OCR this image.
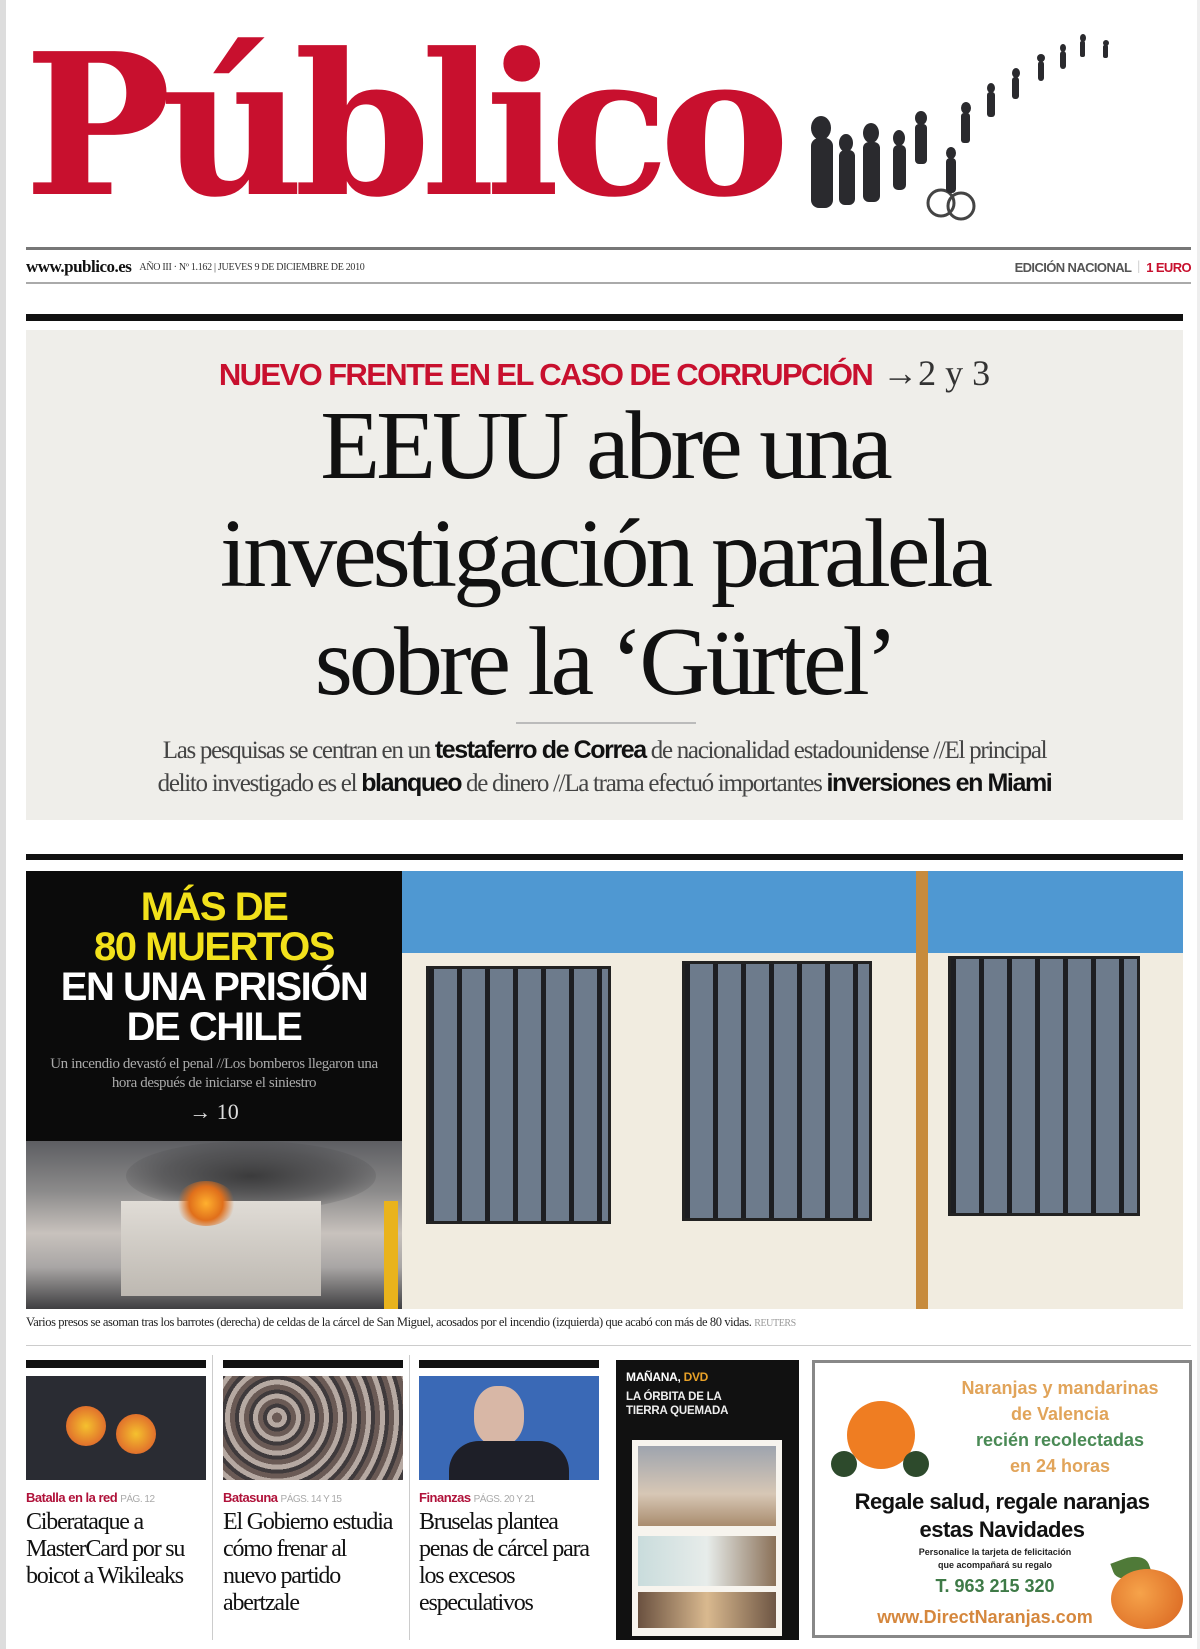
Público
www.publico.es AÑO III · Nº 1.162 | JUEVES 9 DE DICIEMBRE DE 2010	EDICIÓN NACIONAL | 1 EURO
NUEVO FRENTE EN EL CASO DE CORRUPCIÓN →2 y 3
EEUU abre una
investigación paralela
sobre la ‘Gürtel’
Las pesquisas se centran en un testaferro de Correa de nacionalidad estadounidense //El principal
delito investigado es el blanqueo de dinero //La trama efectuó importantes inversiones en Miami
MÁS DE
80 MUERTOS
EN UNA PRISIÓN
DE CHILE
Un incendio devastó el penal //Los bomberos llegaron una hora después de iniciarse el siniestro
→ 10
Varios presos se asoman tras los barrotes (derecha) de celdas de la cárcel de San Miguel, acosados por el incendio (izquierda) que acabó con más de 80 vidas. REUTERS
Batalla en la red PÁG. 12
Ciberataque a MasterCard por su boicot a Wikileaks
Batasuna PÁGS. 14 Y 15
El Gobierno estudia cómo frenar al nuevo partido abertzale
Finanzas PÁGS. 20 Y 21
Bruselas plantea penas de cárcel para los excesos especulativos
MAÑANA, DVD
LA ÓRBITA DE LA
TIERRA QUEMADA
Naranjas y mandarinas
de Valencia
recién recolectadas
en 24 horas
Regale salud, regale naranjas
estas Navidades
Personalice la tarjeta de felicitación
que acompañará su regalo
T. 963 215 320
www.DirectNaranjas.com
